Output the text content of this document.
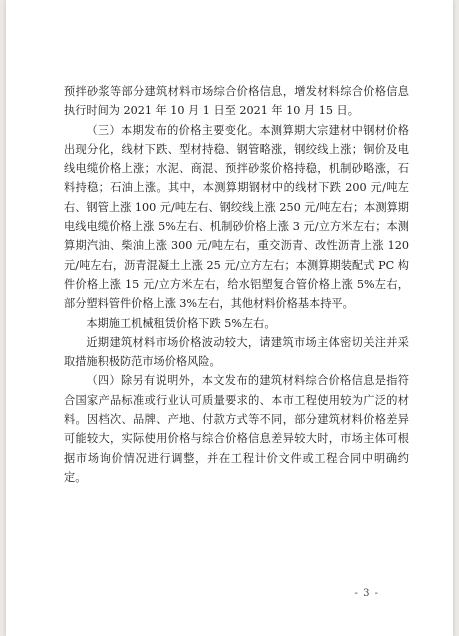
预拌砂浆等部分建筑材料市场综合价格信息，增发材料综合价格信息执行时间为 2021 年 10 月 1 日至 2021 年 10 月 15 日。

（三）本期发布的价格主要变化。本测算期大宗建材中钢材价格出现分化，线材下跌、型材持稳、钢管略涨，钢绞线上涨；铜价及电线电缆价格上涨；水泥、商混、预拌砂浆价格持稳，机制砂略涨，石料持稳；石油上涨。其中，本测算期钢材中的线材下跌 200 元/吨左右、钢管上涨 100 元/吨左右、钢绞线上涨 250 元/吨左右；本测算期电线电缆价格上涨 5%左右、机制砂价格上涨 3 元/立方米左右；本测算期汽油、柴油上涨 300 元/吨左右，重交沥青、改性沥青上涨 120 元/吨左右，沥青混凝土上涨 25 元/立方左右；本测算期装配式 PC 构件价格上涨 15 元/立方米左右，给水铝塑复合管价格上涨 5%左右，部分塑料管件价格上涨 3%左右，其他材料价格基本持平。

本期施工机械租赁价格下跌 5%左右。

近期建筑材料市场价格波动较大，请建筑市场主体密切关注并采取措施积极防范市场价格风险。

（四）除另有说明外，本文发布的建筑材料综合价格信息是指符合国家产品标准或行业认可质量要求的、本市工程使用较为广泛的材料。因档次、品牌、产地、付款方式等不同，部分建筑材料价格差异可能较大，实际使用价格与综合价格信息差异较大时，市场主体可根据市场询价情况进行调整，并在工程计价文件或工程合同中明确约定。

- 3 -
